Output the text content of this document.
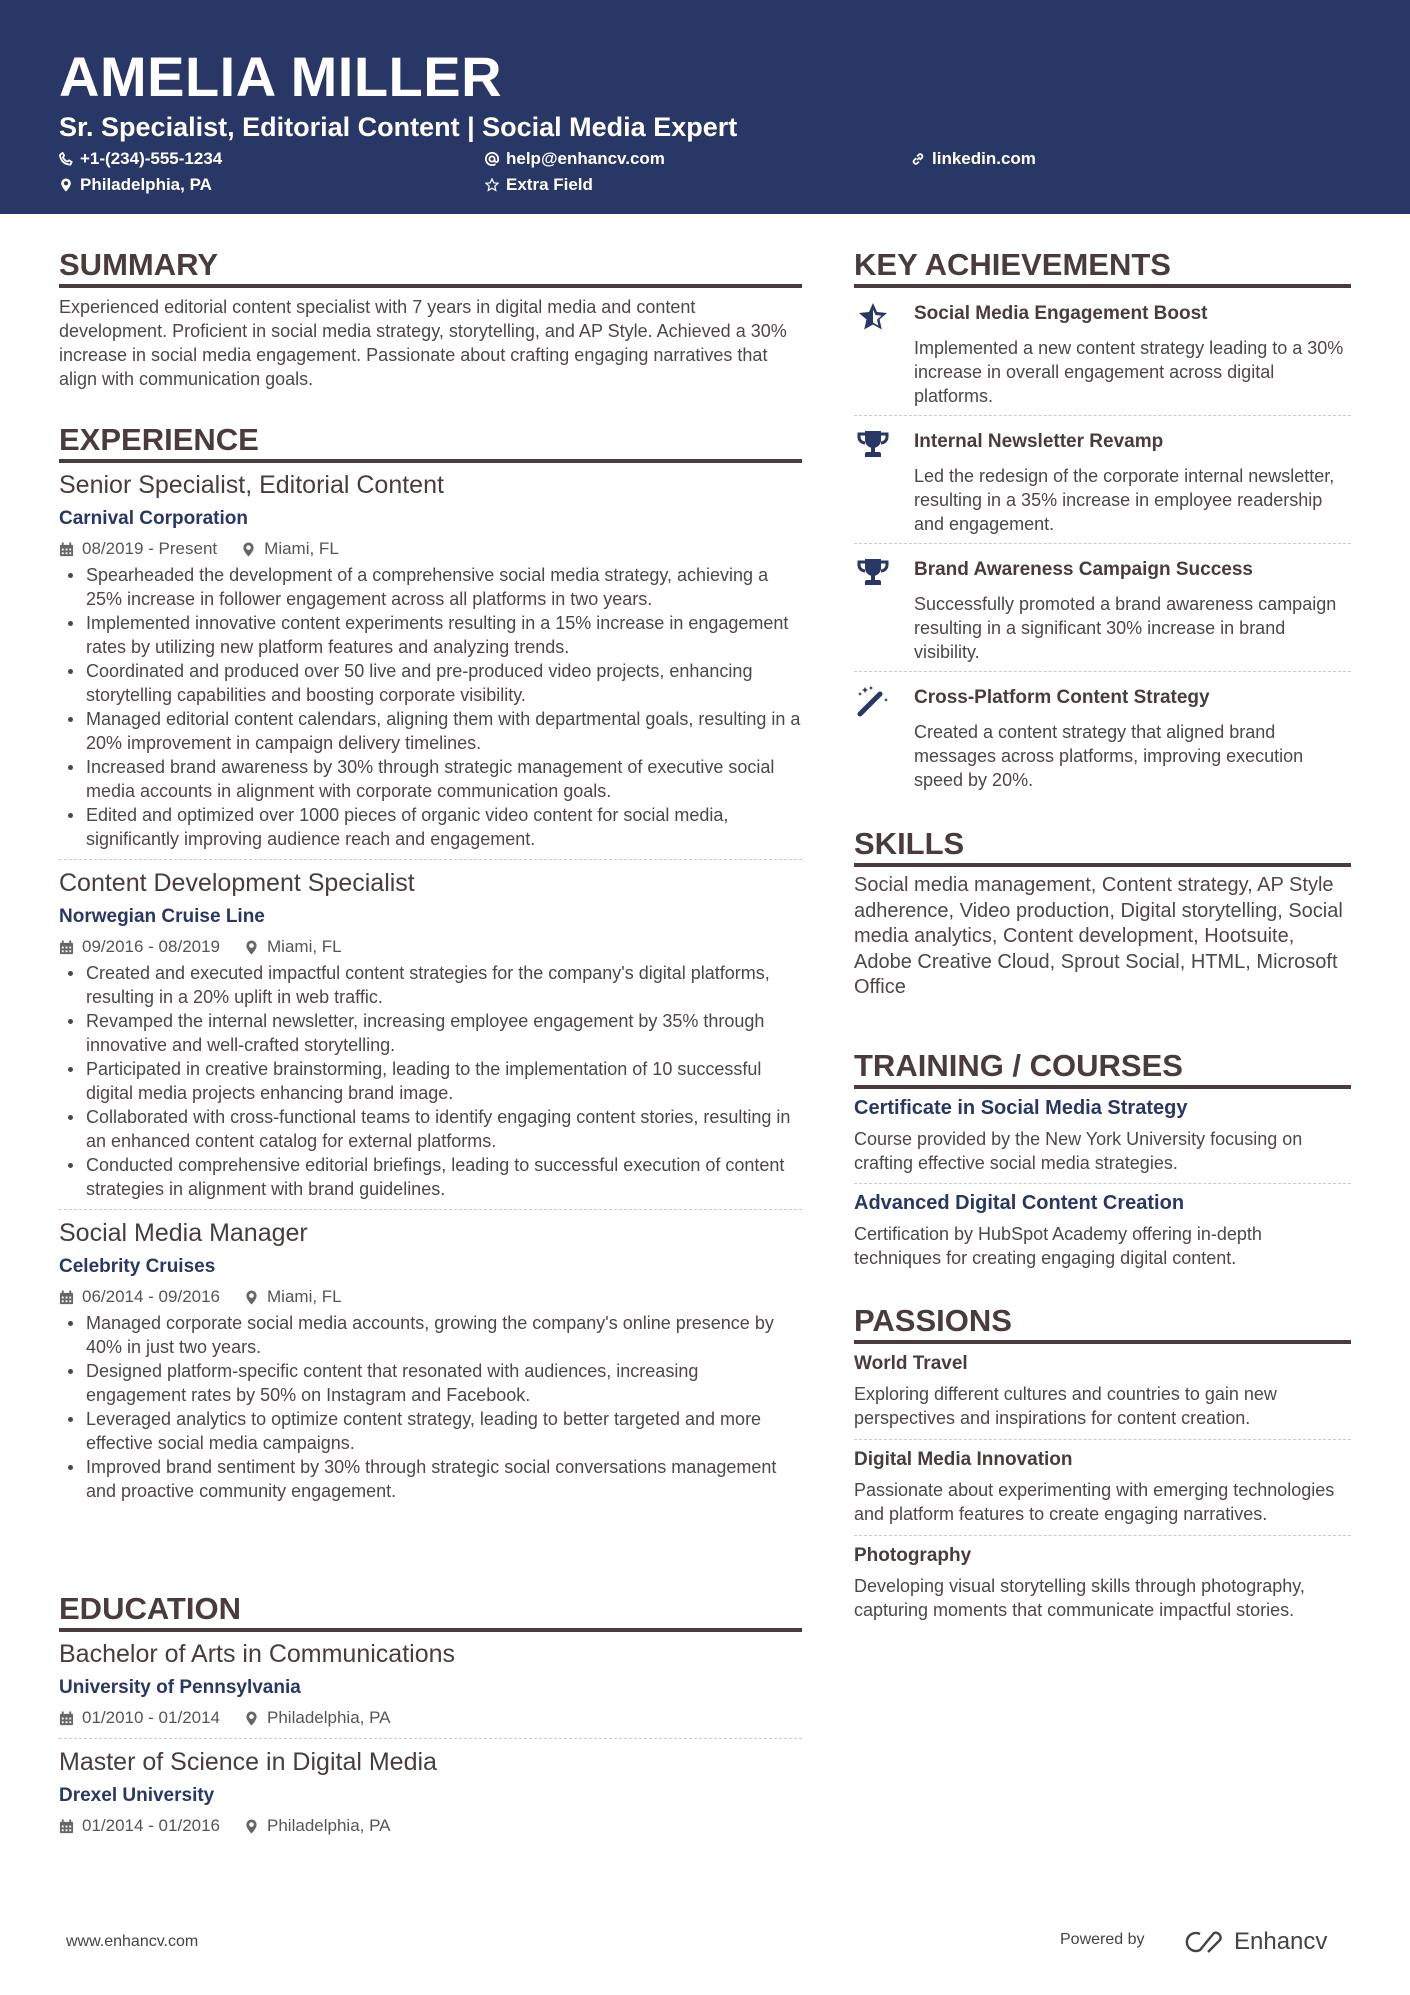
AMELIA MILLER
Sr. Specialist, Editorial Content | Social Media Expert
+1-(234)-555-1234	help@enhancv.com	linkedin.com
Philadelphia, PA	Extra Field
SUMMARY
Experienced editorial content specialist with 7 years in digital media and content development. Proficient in social media strategy, storytelling, and AP Style. Achieved a 30% increase in social media engagement. Passionate about crafting engaging narratives that align with communication goals.
EXPERIENCE
Senior Specialist, Editorial Content
Carnival Corporation
08/2019 - Present	Miami, FL
Spearheaded the development of a comprehensive social media strategy, achieving a 25% increase in follower engagement across all platforms in two years.
Implemented innovative content experiments resulting in a 15% increase in engagement rates by utilizing new platform features and analyzing trends.
Coordinated and produced over 50 live and pre-produced video projects, enhancing storytelling capabilities and boosting corporate visibility.
Managed editorial content calendars, aligning them with departmental goals, resulting in a 20% improvement in campaign delivery timelines.
Increased brand awareness by 30% through strategic management of executive social media accounts in alignment with corporate communication goals.
Edited and optimized over 1000 pieces of organic video content for social media, significantly improving audience reach and engagement.
Content Development Specialist
Norwegian Cruise Line
09/2016 - 08/2019	Miami, FL
Created and executed impactful content strategies for the company's digital platforms, resulting in a 20% uplift in web traffic.
Revamped the internal newsletter, increasing employee engagement by 35% through innovative and well-crafted storytelling.
Participated in creative brainstorming, leading to the implementation of 10 successful digital media projects enhancing brand image.
Collaborated with cross-functional teams to identify engaging content stories, resulting in an enhanced content catalog for external platforms.
Conducted comprehensive editorial briefings, leading to successful execution of content strategies in alignment with brand guidelines.
Social Media Manager
Celebrity Cruises
06/2014 - 09/2016	Miami, FL
Managed corporate social media accounts, growing the company's online presence by 40% in just two years.
Designed platform-specific content that resonated with audiences, increasing engagement rates by 50% on Instagram and Facebook.
Leveraged analytics to optimize content strategy, leading to better targeted and more effective social media campaigns.
Improved brand sentiment by 30% through strategic social conversations management and proactive community engagement.
EDUCATION
Bachelor of Arts in Communications
University of Pennsylvania
01/2010 - 01/2014	Philadelphia, PA
Master of Science in Digital Media
Drexel University
01/2014 - 01/2016	Philadelphia, PA
KEY ACHIEVEMENTS
Social Media Engagement Boost
Implemented a new content strategy leading to a 30% increase in overall engagement across digital platforms.
Internal Newsletter Revamp
Led the redesign of the corporate internal newsletter, resulting in a 35% increase in employee readership and engagement.
Brand Awareness Campaign Success
Successfully promoted a brand awareness campaign resulting in a significant 30% increase in brand visibility.
Cross-Platform Content Strategy
Created a content strategy that aligned brand messages across platforms, improving execution speed by 20%.
SKILLS
Social media management, Content strategy, AP Style adherence, Video production, Digital storytelling, Social media analytics, Content development, Hootsuite, Adobe Creative Cloud, Sprout Social, HTML, Microsoft Office
TRAINING / COURSES
Certificate in Social Media Strategy
Course provided by the New York University focusing on crafting effective social media strategies.
Advanced Digital Content Creation
Certification by HubSpot Academy offering in-depth techniques for creating engaging digital content.
PASSIONS
World Travel
Exploring different cultures and countries to gain new perspectives and inspirations for content creation.
Digital Media Innovation
Passionate about experimenting with emerging technologies and platform features to create engaging narratives.
Photography
Developing visual storytelling skills through photography, capturing moments that communicate impactful stories.
www.enhancv.com	Powered by	Enhancv
